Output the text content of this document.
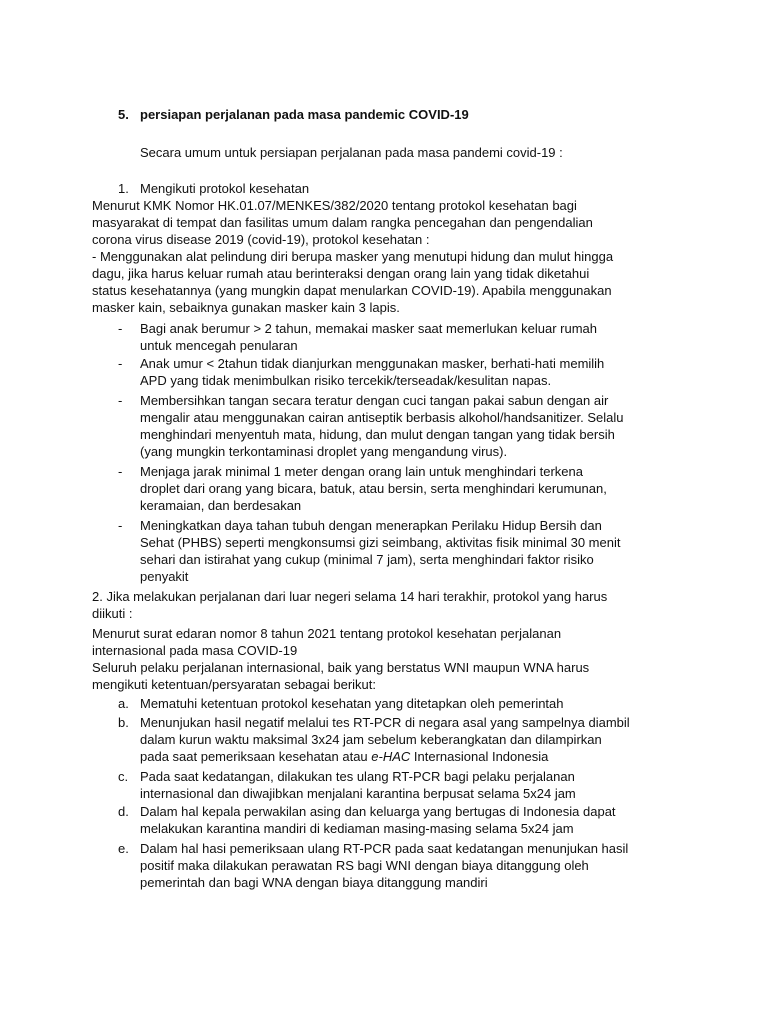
5. persiapan perjalanan pada masa pandemic COVID-19
Secara umum untuk persiapan perjalanan pada masa pandemi covid-19 :
1. Mengikuti protokol kesehatan
Menurut KMK Nomor HK.01.07/MENKES/382/2020 tentang protokol kesehatan bagi
masyarakat di tempat dan fasilitas umum dalam rangka pencegahan dan pengendalian
corona virus disease 2019 (covid-19), protokol kesehatan :
- Menggunakan alat pelindung diri berupa masker yang menutupi hidung dan mulut hingga
dagu, jika harus keluar rumah atau berinteraksi dengan orang lain yang tidak diketahui
status kesehatannya (yang mungkin dapat menularkan COVID-19). Apabila menggunakan
masker kain, sebaiknya gunakan masker kain 3 lapis.
- Bagi anak berumur > 2 tahun, memakai masker saat memerlukan keluar rumah
untuk mencegah penularan
- Anak umur < 2tahun tidak dianjurkan menggunakan masker, berhati-hati memilih
APD yang tidak menimbulkan risiko tercekik/terseadak/kesulitan napas.
- Membersihkan tangan secara teratur dengan cuci tangan pakai sabun dengan air
mengalir atau menggunakan cairan antiseptik berbasis alkohol/handsanitizer. Selalu
menghindari menyentuh mata, hidung, dan mulut dengan tangan yang tidak bersih
(yang mungkin terkontaminasi droplet yang mengandung virus).
- Menjaga jarak minimal 1 meter dengan orang lain untuk menghindari terkena
droplet dari orang yang bicara, batuk, atau bersin, serta menghindari kerumunan,
keramaian, dan berdesakan
- Meningkatkan daya tahan tubuh dengan menerapkan Perilaku Hidup Bersih dan
Sehat (PHBS) seperti mengkonsumsi gizi seimbang, aktivitas fisik minimal 30 menit
sehari dan istirahat yang cukup (minimal 7 jam), serta menghindari faktor risiko
penyakit
2. Jika melakukan perjalanan dari luar negeri selama 14 hari terakhir, protokol yang harus
diikuti :
Menurut surat edaran nomor 8 tahun 2021 tentang protokol kesehatan perjalanan
internasional pada masa COVID-19
Seluruh pelaku perjalanan internasional, baik yang berstatus WNI maupun WNA harus
mengikuti ketentuan/persyaratan sebagai berikut:
a. Mematuhi ketentuan protokol kesehatan yang ditetapkan oleh pemerintah
b. Menunjukan hasil negatif melalui tes RT-PCR di negara asal yang sampelnya diambil
dalam kurun waktu maksimal 3x24 jam sebelum keberangkatan dan dilampirkan
pada saat pemeriksaan kesehatan atau e-HAC Internasional Indonesia
c. Pada saat kedatangan, dilakukan tes ulang RT-PCR bagi pelaku perjalanan
internasional dan diwajibkan menjalani karantina berpusat selama 5x24 jam
d. Dalam hal kepala perwakilan asing dan keluarga yang bertugas di Indonesia dapat
melakukan karantina mandiri di kediaman masing-masing selama 5x24 jam
e. Dalam hal hasi pemeriksaan ulang RT-PCR pada saat kedatangan menunjukan hasil
positif maka dilakukan perawatan RS bagi WNI dengan biaya ditanggung oleh
pemerintah dan bagi WNA dengan biaya ditanggung mandiri
